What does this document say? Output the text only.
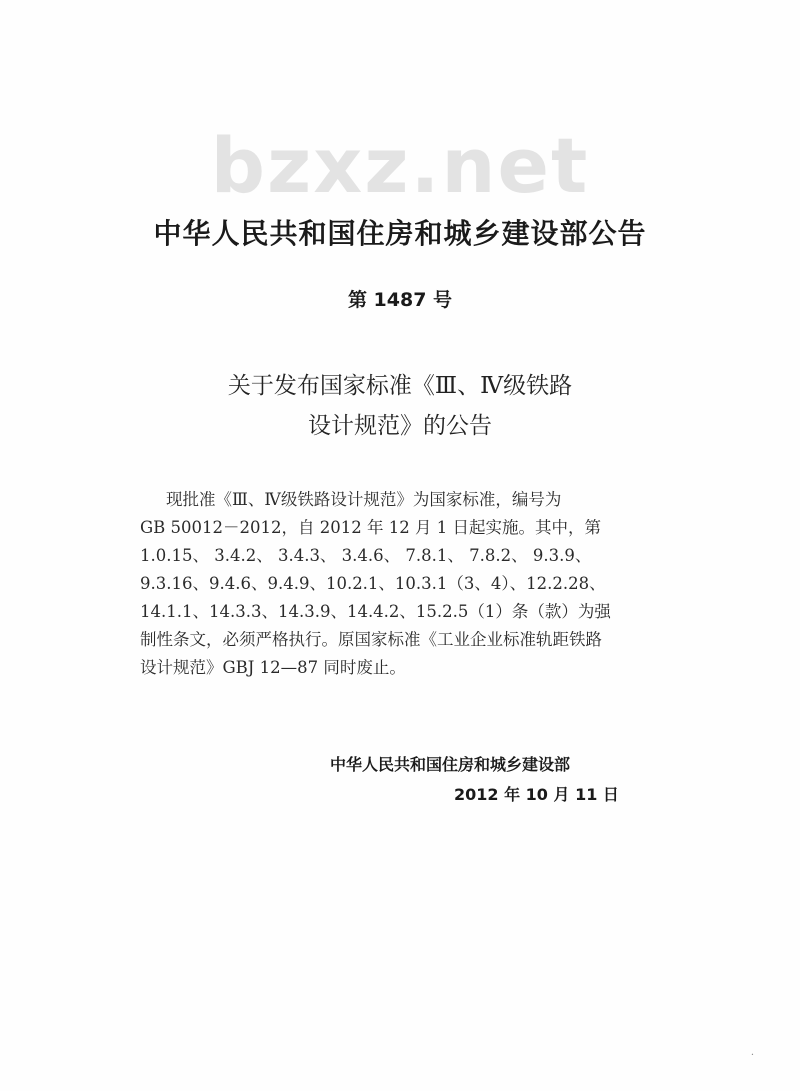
bzxz.net
中华人民共和国住房和城乡建设部公告
第 1487 号
关于发布国家标准《Ⅲ、Ⅳ级铁路
设计规范》的公告
现批准《Ⅲ、Ⅳ级铁路设计规范》为国家标准，编号为
GB 50012－2012，自 2012 年 12 月 1 日起实施。其中，第
1.0.15、 3.4.2、 3.4.3、 3.4.6、 7.8.1、 7.8.2、 9.3.9、
9.3.16、9.4.6、9.4.9、10.2.1、10.3.1（3、4）、12.2.28、
14.1.1、14.3.3、14.3.9、14.4.2、15.2.5（1）条（款）为强
制性条文，必须严格执行。原国家标准《工业企业标准轨距铁路
设计规范》GBJ 12—87 同时废止。
中华人民共和国住房和城乡建设部
2012 年 10 月 11 日
·
